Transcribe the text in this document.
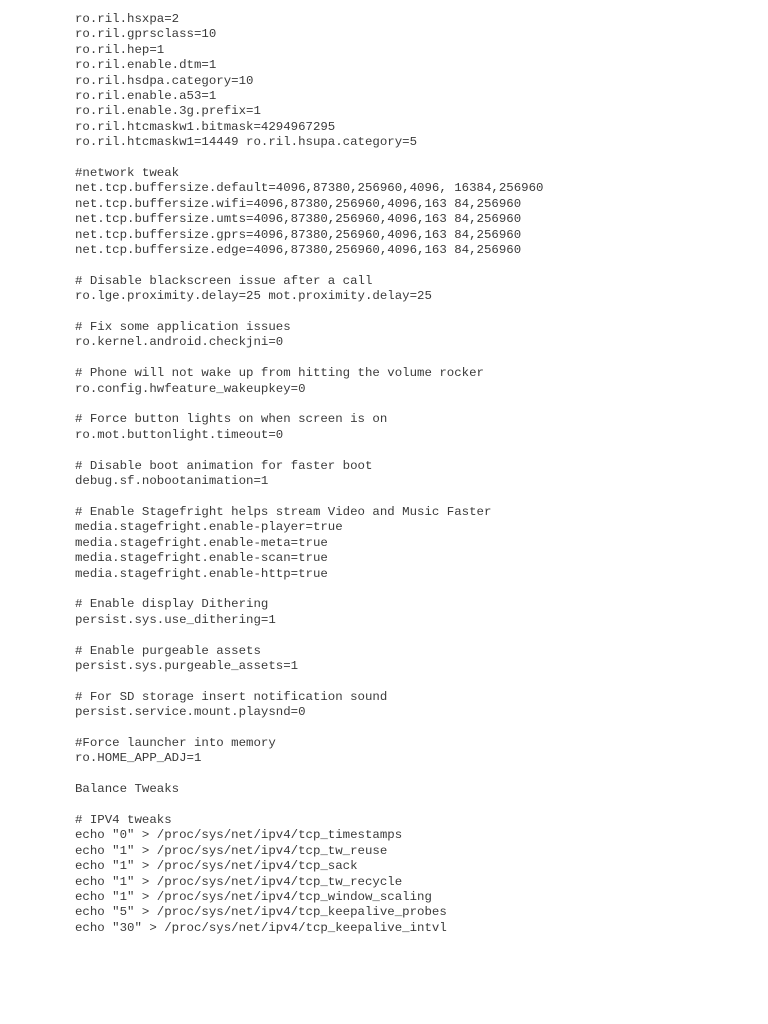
ro.ril.hsxpa=2
ro.ril.gprsclass=10
ro.ril.hep=1
ro.ril.enable.dtm=1
ro.ril.hsdpa.category=10
ro.ril.enable.a53=1
ro.ril.enable.3g.prefix=1
ro.ril.htcmaskw1.bitmask=4294967295
ro.ril.htcmaskw1=14449 ro.ril.hsupa.category=5
#network tweak
net.tcp.buffersize.default=4096,87380,256960,4096, 16384,256960
net.tcp.buffersize.wifi=4096,87380,256960,4096,163 84,256960
net.tcp.buffersize.umts=4096,87380,256960,4096,163 84,256960
net.tcp.buffersize.gprs=4096,87380,256960,4096,163 84,256960
net.tcp.buffersize.edge=4096,87380,256960,4096,163 84,256960
# Disable blackscreen issue after a call
ro.lge.proximity.delay=25 mot.proximity.delay=25
# Fix some application issues
ro.kernel.android.checkjni=0
# Phone will not wake up from hitting the volume rocker
ro.config.hwfeature_wakeupkey=0
# Force button lights on when screen is on
ro.mot.buttonlight.timeout=0
# Disable boot animation for faster boot
debug.sf.nobootanimation=1
# Enable Stagefright helps stream Video and Music Faster
media.stagefright.enable-player=true
media.stagefright.enable-meta=true
media.stagefright.enable-scan=true
media.stagefright.enable-http=true
# Enable display Dithering
persist.sys.use_dithering=1
# Enable purgeable assets
persist.sys.purgeable_assets=1
# For SD storage insert notification sound
persist.service.mount.playsnd=0
#Force launcher into memory
ro.HOME_APP_ADJ=1
Balance Tweaks
# IPV4 tweaks
echo "0" > /proc/sys/net/ipv4/tcp_timestamps
echo "1" > /proc/sys/net/ipv4/tcp_tw_reuse
echo "1" > /proc/sys/net/ipv4/tcp_sack
echo "1" > /proc/sys/net/ipv4/tcp_tw_recycle
echo "1" > /proc/sys/net/ipv4/tcp_window_scaling
echo "5" > /proc/sys/net/ipv4/tcp_keepalive_probes
echo "30" > /proc/sys/net/ipv4/tcp_keepalive_intvl
